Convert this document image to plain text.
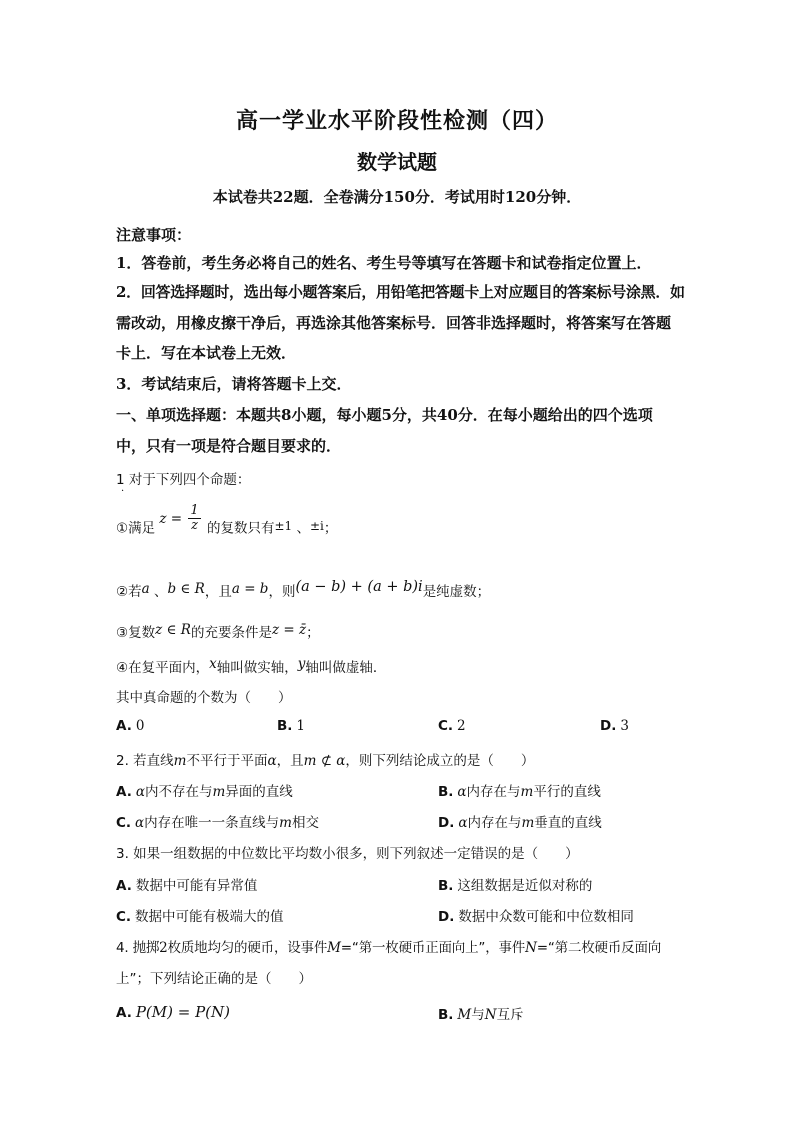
高一学业水平阶段性检测（四）
数学试题
本试卷共22题．全卷满分150分．考试用时120分钟．
注意事项：
1．答卷前，考生务必将自己的姓名、考生号等填写在答题卡和试卷指定位置上．
2．回答选择题时，选出每小题答案后，用铅笔把答题卡上对应题目的答案标号涂黑．如
需改动，用橡皮擦干净后，再选涂其他答案标号．回答非选择题时，将答案写在答题
卡上．写在本试卷上无效．
3．考试结束后，请将答题卡上交．
一、单项选择题：本题共8小题，每小题5分，共40分．在每小题给出的四个选项
中，只有一项是符合题目要求的．
1 对于下列四个命题：
·
①满足 $z = \frac{1}{z}$ 的复数只有±1 、±i；
②若a 、b ∈ R，且a = b，则(a − b) + (a + b)i是纯虚数；
③复数z ∈ R的充要条件是z = z̄；
④在复平面内，x轴叫做实轴，y轴叫做虚轴．
其中真命题的个数为（　　）
A. 0	B. 1	C. 2	D. 3
2. 若直线m不平行于平面α，且m ⊄ α，则下列结论成立的是（　　）
A. α内不存在与m异面的直线	B. α内存在与m平行的直线
C. α内存在唯一一条直线与m相交	D. α内存在与m垂直的直线
3. 如果一组数据的中位数比平均数小很多，则下列叙述一定错误的是（　　）
A. 数据中可能有异常值	B. 这组数据是近似对称的
C. 数据中可能有极端大的值	D. 数据中众数可能和中位数相同
4. 抛掷2枚质地均匀的硬币，设事件M=“第一枚硬币正面向上”，事件N=“第二枚硬币反面向
上”；下列结论正确的是（　　）
A. P(M) = P(N)	B. M与N互斥
